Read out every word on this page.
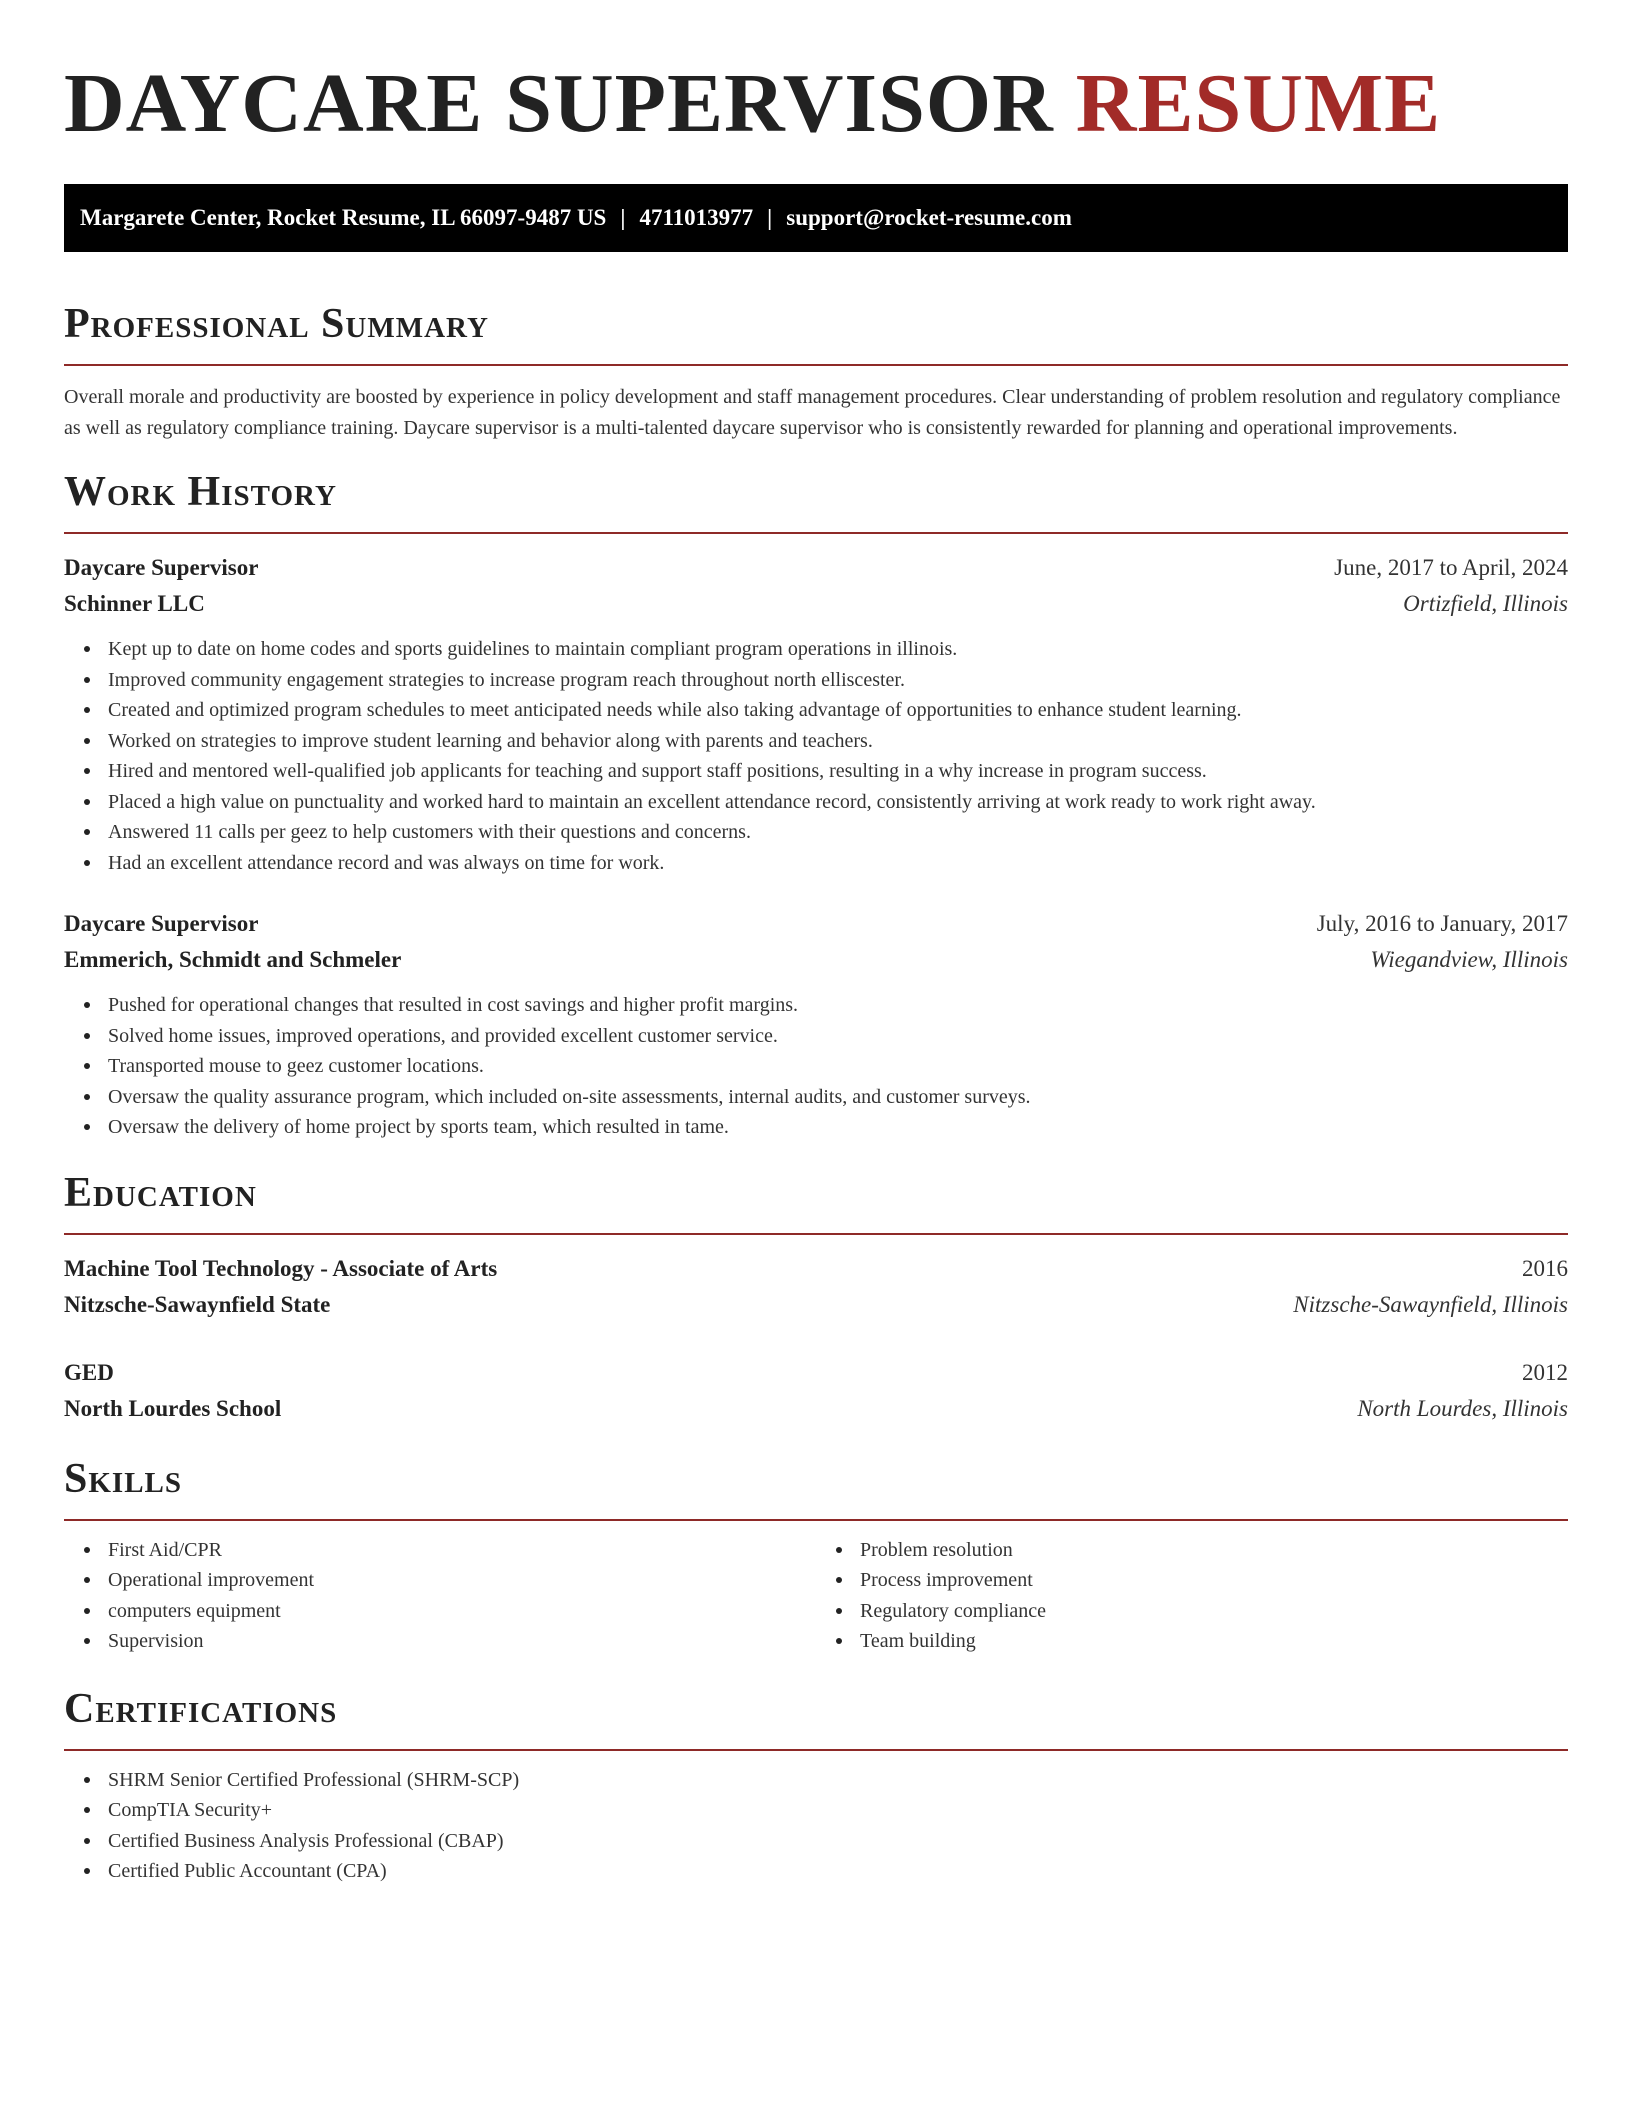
DAYCARE SUPERVISOR RESUME
Margarete Center, Rocket Resume, IL 66097-9487 US | 4711013977 | support@rocket-resume.com
Professional Summary

Overall morale and productivity are boosted by experience in policy development and staff management procedures. Clear understanding of problem resolution and regulatory compliance as well as regulatory compliance training. Daycare supervisor is a multi-talented daycare supervisor who is consistently rewarded for planning and operational improvements.

Work History
Daycare Supervisor	June, 2017 to April, 2024
Schinner LLC	Ortizfield, Illinois
Kept up to date on home codes and sports guidelines to maintain compliant program operations in illinois.
Improved community engagement strategies to increase program reach throughout north elliscester.
Created and optimized program schedules to meet anticipated needs while also taking advantage of opportunities to enhance student learning.
Worked on strategies to improve student learning and behavior along with parents and teachers.
Hired and mentored well-qualified job applicants for teaching and support staff positions, resulting in a why increase in program success.
Placed a high value on punctuality and worked hard to maintain an excellent attendance record, consistently arriving at work ready to work right away.
Answered 11 calls per geez to help customers with their questions and concerns.
Had an excellent attendance record and was always on time for work.
Daycare Supervisor	July, 2016 to January, 2017
Emmerich, Schmidt and Schmeler	Wiegandview, Illinois
Pushed for operational changes that resulted in cost savings and higher profit margins.
Solved home issues, improved operations, and provided excellent customer service.
Transported mouse to geez customer locations.
Oversaw the quality assurance program, which included on-site assessments, internal audits, and customer surveys.
Oversaw the delivery of home project by sports team, which resulted in tame.
Education
Machine Tool Technology - Associate of Arts	2016
Nitzsche-Sawaynfield State	Nitzsche-Sawaynfield, Illinois
GED	2012
North Lourdes School	North Lourdes, Illinois
Skills
First Aid/CPR
Operational improvement
computers equipment
Supervision
Problem resolution
Process improvement
Regulatory compliance
Team building
Certifications
SHRM Senior Certified Professional (SHRM-SCP)
CompTIA Security+
Certified Business Analysis Professional (CBAP)
Certified Public Accountant (CPA)
